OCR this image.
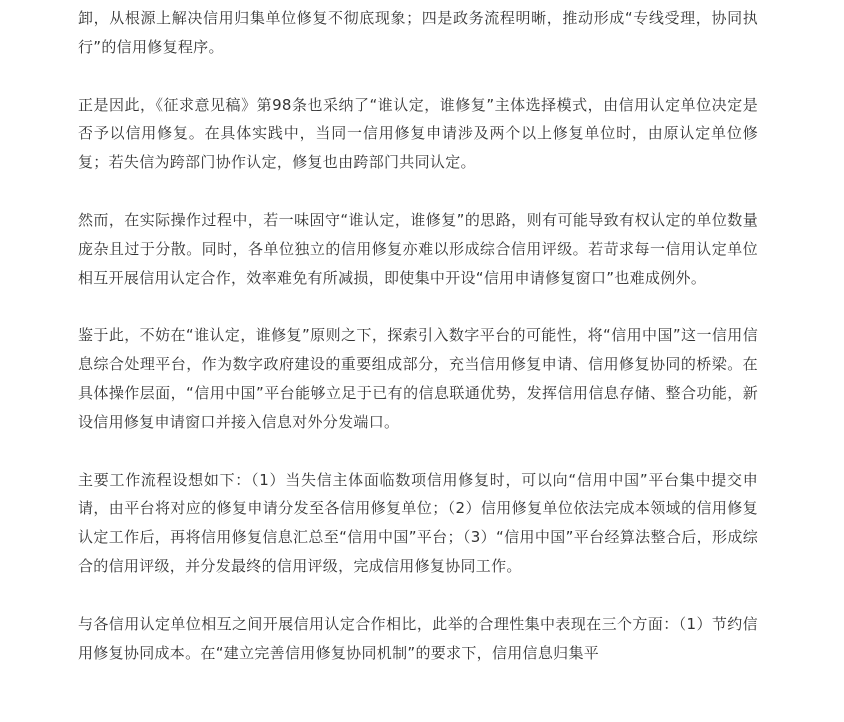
卸，从根源上解决信用归集单位修复不彻底现象；四是政务流程明晰，推动形成“专线受理，协同执行”的信用修复程序。

正是因此，《征求意见稿》第98条也采纳了“谁认定，谁修复”主体选择模式，由信用认定单位决定是否予以信用修复。在具体实践中，当同一信用修复申请涉及两个以上修复单位时，由原认定单位修复；若失信为跨部门协作认定，修复也由跨部门共同认定。

然而，在实际操作过程中，若一味固守“谁认定，谁修复”的思路，则有可能导致有权认定的单位数量庞杂且过于分散。同时，各单位独立的信用修复亦难以形成综合信用评级。若苛求每一信用认定单位相互开展信用认定合作，效率难免有所减损，即使集中开设“信用申请修复窗口”也难成例外。

鉴于此，不妨在“谁认定，谁修复”原则之下，探索引入数字平台的可能性，将“信用中国”这一信用信息综合处理平台，作为数字政府建设的重要组成部分，充当信用修复申请、信用修复协同的桥梁。在具体操作层面，“信用中国”平台能够立足于已有的信息联通优势，发挥信用信息存储、整合功能，新设信用修复申请窗口并接入信息对外分发端口。

主要工作流程设想如下：（1）当失信主体面临数项信用修复时，可以向“信用中国”平台集中提交申请，由平台将对应的修复申请分发至各信用修复单位；（2）信用修复单位依法完成本领域的信用修复认定工作后，再将信用修复信息汇总至“信用中国”平台；（3）“信用中国”平台经算法整合后，形成综合的信用评级，并分发最终的信用评级，完成信用修复协同工作。

与各信用认定单位相互之间开展信用认定合作相比，此举的合理性集中表现在三个方面：（1）节约信用修复协同成本。在“建立完善信用修复协同机制”的要求下，信用信息归集平
